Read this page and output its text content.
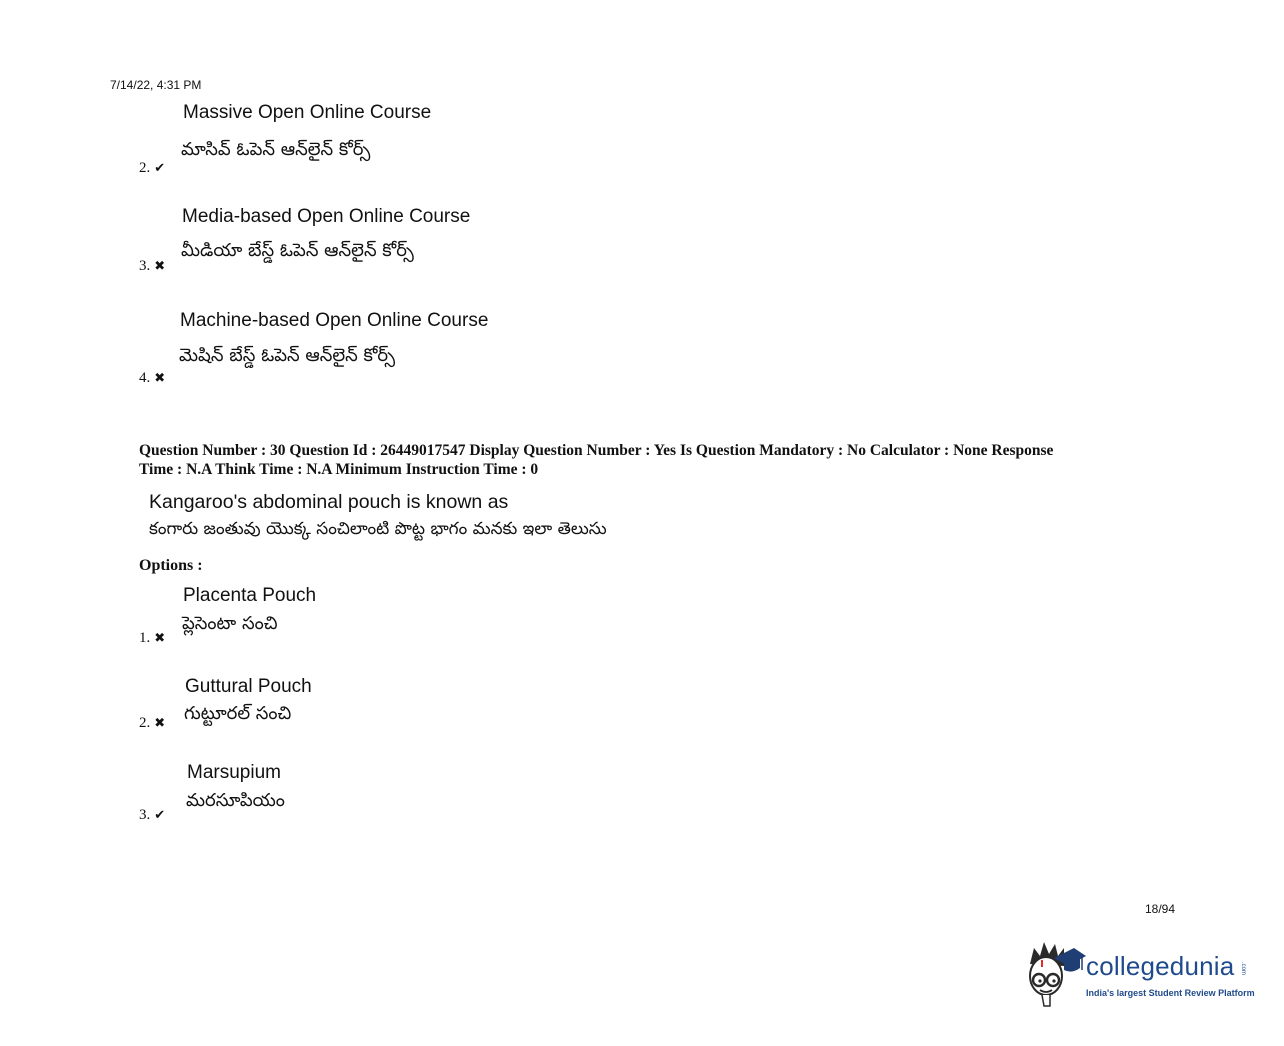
7/14/22, 4:31 PM
Massive Open Online Course
మాసివ్ ఓపెన్ ఆన్‌లైన్ కోర్స్
2. ✔
Media-based Open Online Course
మీడియా బేస్డ్ ఓపెన్ ఆన్‌లైన్ కోర్స్
3. ✖
Machine-based Open Online Course
మెషిన్ బేస్డ్ ఓపెన్ ఆన్‌లైన్ కోర్స్
4. ✖
Question Number : 30 Question Id : 26449017547 Display Question Number : Yes Is Question Mandatory : No Calculator : None Response
Time : N.A Think Time : N.A Minimum Instruction Time : 0
Kangaroo's abdominal pouch is known as
కంగారు జంతువు యొక్క సంచిలాంటి పొట్ట భాగం మనకు ఇలా తెలుసు
Options :
Placenta Pouch
ప్లెసెంటా సంచి
1. ✖
Guttural Pouch
గుట్టూరల్ సంచి
2. ✖
Marsupium
మరసూపియం
3. ✔
18/94
collegedunia .com
India's largest Student Review Platform
